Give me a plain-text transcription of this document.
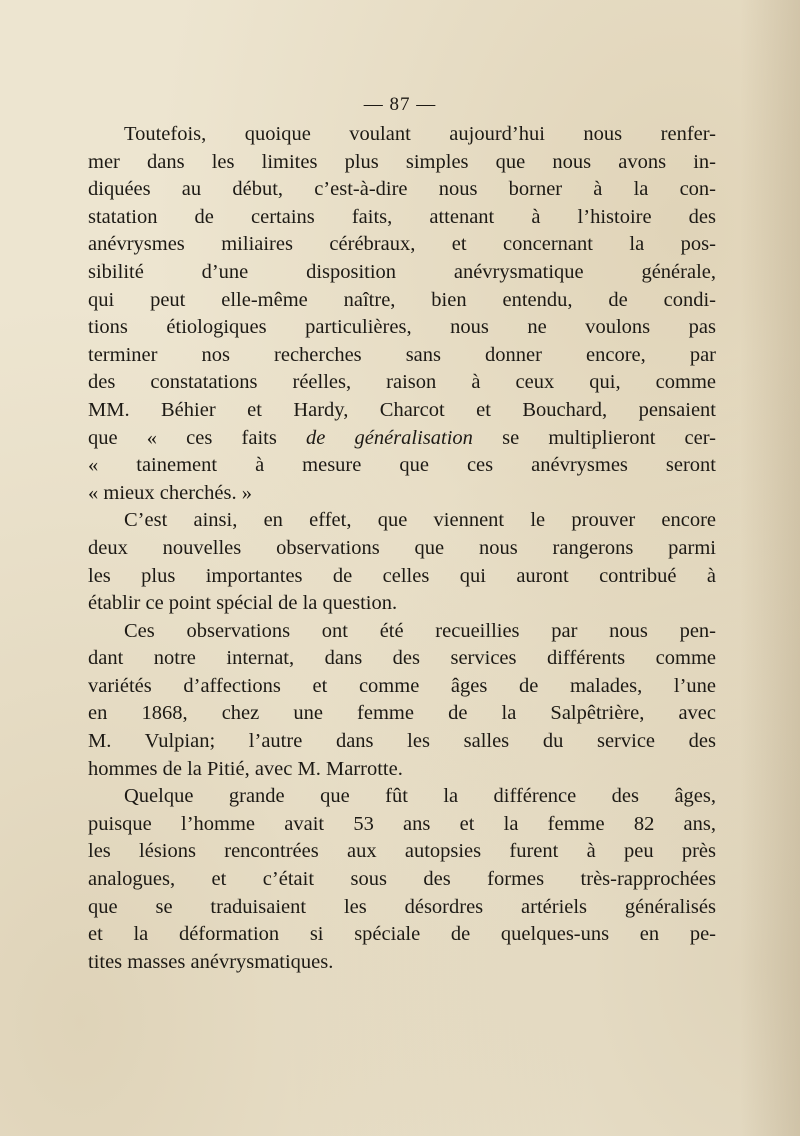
— 87 —
Toutefois, quoique voulant aujourd’hui nous renfer-
mer dans les limites plus simples que nous avons in-
diquées au début, c’est-à-dire nous borner à la con-
statation de certains faits, attenant à l’histoire des
anévrysmes miliaires cérébraux, et concernant la pos-
sibilité d’une disposition anévrysmatique générale,
qui peut elle-même naître, bien entendu, de condi-
tions étiologiques particulières, nous ne voulons pas
terminer nos recherches sans donner encore, par
des constatations réelles, raison à ceux qui, comme
MM. Béhier et Hardy, Charcot et Bouchard, pensaient
que « ces faits de généralisation se multiplieront cer-
« tainement à mesure que ces anévrysmes seront
« mieux cherchés. »
C’est ainsi, en effet, que viennent le prouver encore
deux nouvelles observations que nous rangerons parmi
les plus importantes de celles qui auront contribué à
établir ce point spécial de la question.
Ces observations ont été recueillies par nous pen-
dant notre internat, dans des services différents comme
variétés d’affections et comme âges de malades, l’une
en 1868, chez une femme de la Salpêtrière, avec
M. Vulpian; l’autre dans les salles du service des
hommes de la Pitié, avec M. Marrotte.
Quelque grande que fût la différence des âges,
puisque l’homme avait 53 ans et la femme 82 ans,
les lésions rencontrées aux autopsies furent à peu près
analogues, et c’était sous des formes très-rapprochées
que se traduisaient les désordres artériels généralisés
et la déformation si spéciale de quelques-uns en pe-
tites masses anévrysmatiques.
